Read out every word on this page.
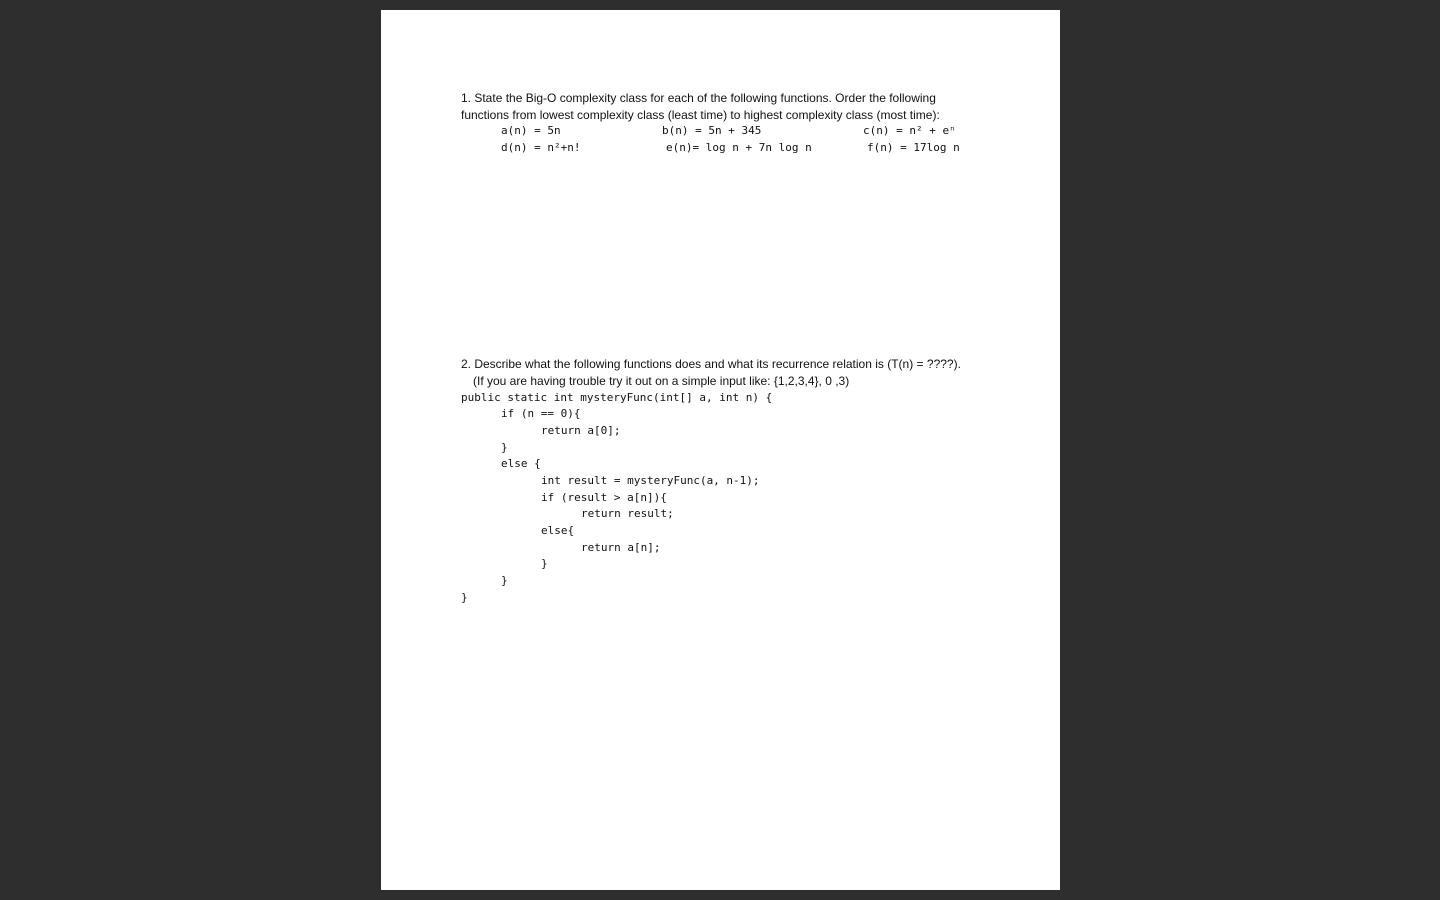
1. State the Big-O complexity class for each of the following functions. Order the following
functions from lowest complexity class (least time) to highest complexity class (most time):
a(n) = 5n	b(n) = 5n + 345	c(n) = n² + eⁿ
d(n) = n²+n!	e(n)= log n + 7n log n	f(n) = 17log n
2. Describe what the following functions does and what its recurrence relation is (T(n) = ????).
(If you are having trouble try it out on a simple input like: {1,2,3,4}, 0 ,3)
public static int mysteryFunc(int[] a, int n) {
if (n == 0){
return a[0];
}
else {
int result = mysteryFunc(a, n-1);
if (result > a[n]){
return result;
else{
return a[n];
}
}
}
